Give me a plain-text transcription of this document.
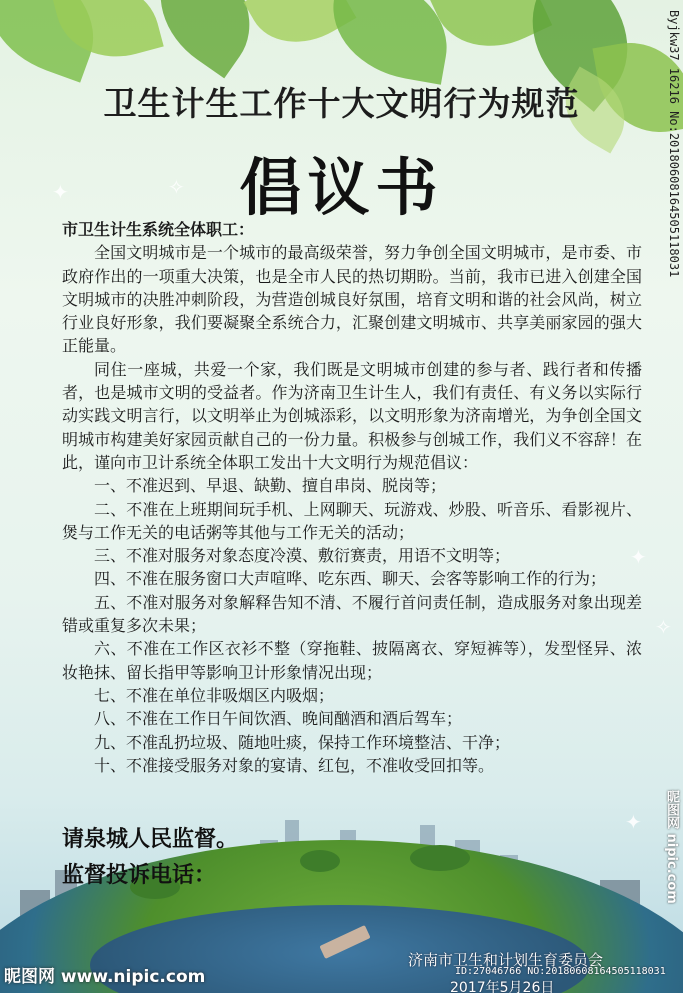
✦	✧
✦
✧
✦
卫生计生工作十大文明行为规范
倡议书

市卫生计生系统全体职工：

全国文明城市是一个城市的最高级荣誉，努力争创全国文明城市，是市委、市政府作出的一项重大决策，也是全市人民的热切期盼。当前，我市已进入创建全国文明城市的决胜冲刺阶段，为营造创城良好氛围，培育文明和谐的社会风尚，树立行业良好形象，我们要凝聚全系统合力，汇聚创建文明城市、共享美丽家园的强大正能量。

同住一座城，共爱一个家，我们既是文明城市创建的参与者、践行者和传播者，也是城市文明的受益者。作为济南卫生计生人，我们有责任、有义务以实际行动实践文明言行，以文明举止为创城添彩，以文明形象为济南增光，为争创全国文明城市构建美好家园贡献自己的一份力量。积极参与创城工作，我们义不容辞！在此，谨向市卫计系统全体职工发出十大文明行为规范倡议：

一、不准迟到、早退、缺勤、擅自串岗、脱岗等；

二、不准在上班期间玩手机、上网聊天、玩游戏、炒股、听音乐、看影视片、煲与工作无关的电话粥等其他与工作无关的活动；

三、不准对服务对象态度冷漠、敷衍赛责，用语不文明等；

四、不准在服务窗口大声喧哗、吃东西、聊天、会客等影响工作的行为；

五、不准对服务对象解释告知不清、不履行首问责任制，造成服务对象出现差错或重复多次未果；

六、不准在工作区衣衫不整（穿拖鞋、披隔离衣、穿短裤等），发型怪异、浓妆艳抹、留长指甲等影响卫计形象情况出现；

七、不准在单位非吸烟区内吸烟；

八、不准在工作日午间饮酒、晚间酗酒和酒后驾车；

九、不准乱扔垃圾、随地吐痰，保持工作环境整洁、干净；

十、不准接受服务对象的宴请、红包，不准收受回扣等。

请泉城人民监督。
监督投诉电话：
济南市卫生和计划生育委员会
ID:27046766 NO:20180608164505118031
2017年5月26日
昵图网 www.nipic.com
Byjkw37 16216 No:20180608164505118031
昵图网 nipic.com
